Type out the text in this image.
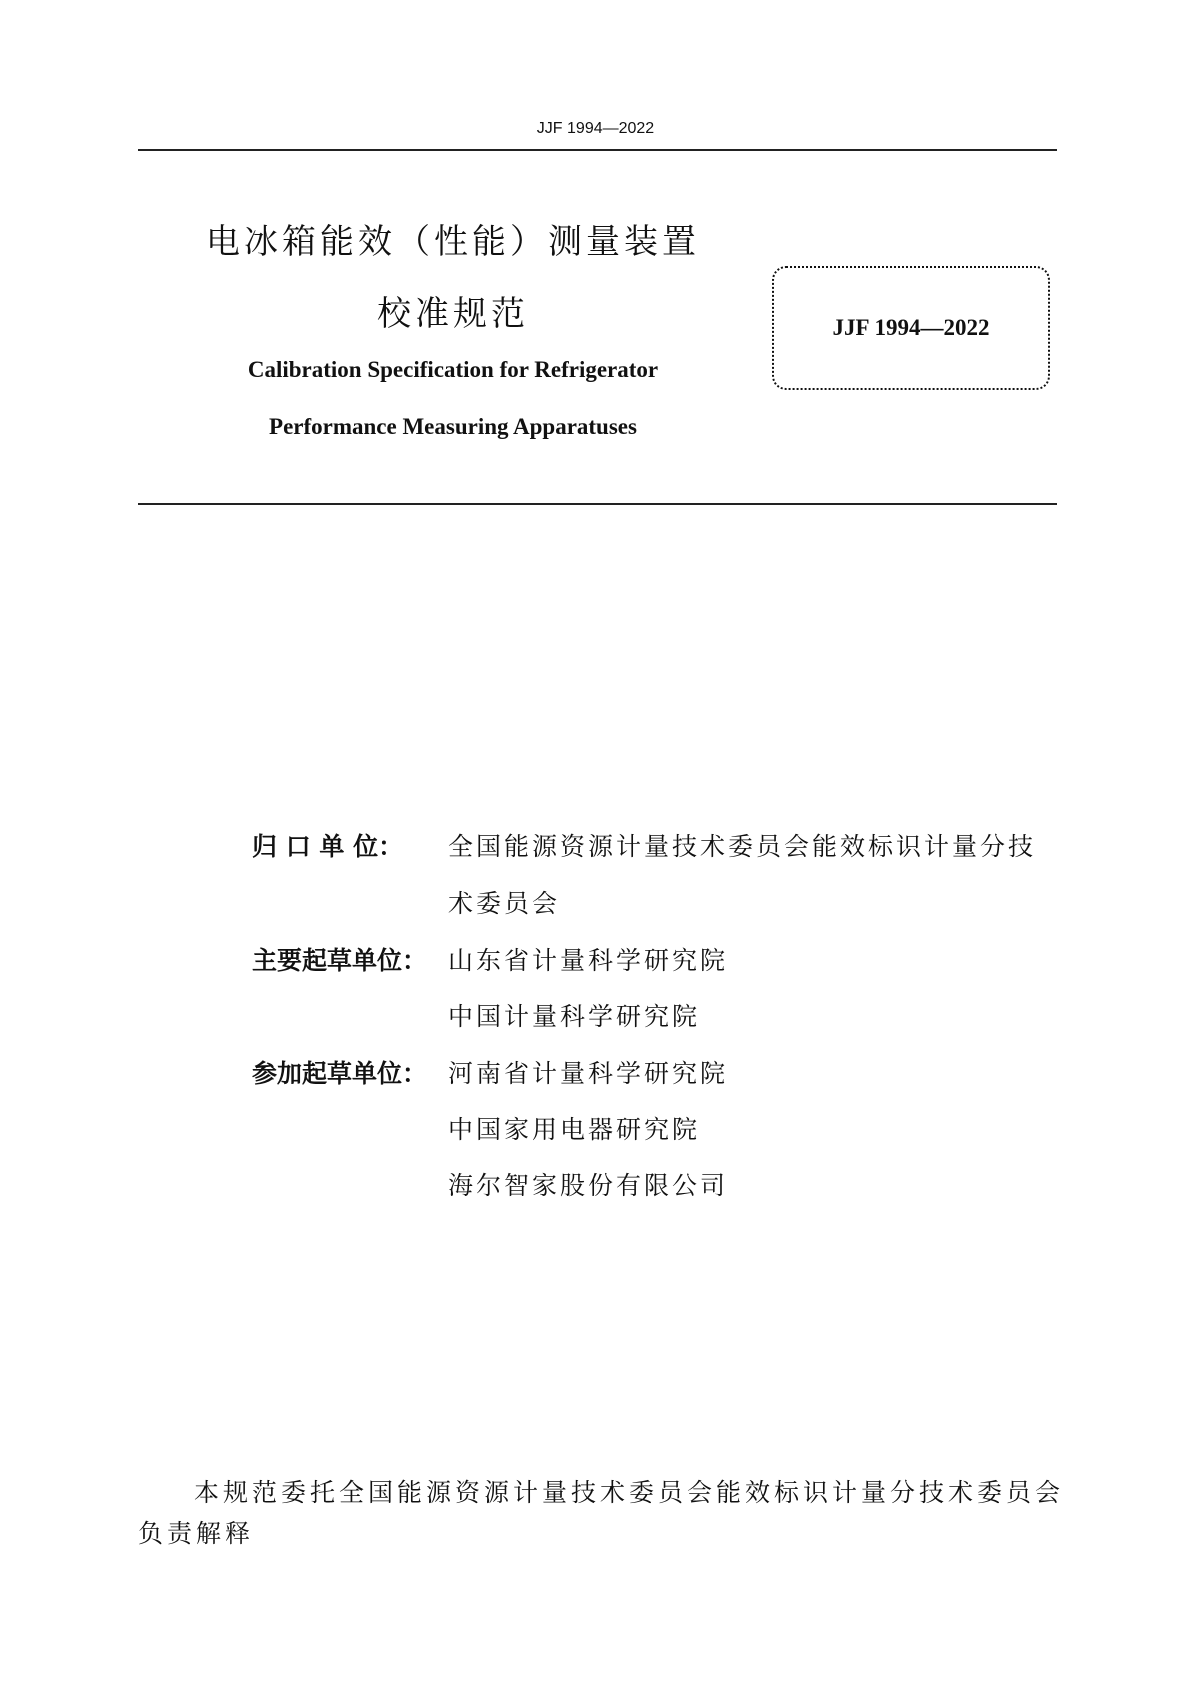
JJF 1994—2022
电冰箱能效（性能）测量装置
校准规范
Calibration Specification for Refrigerator
Performance Measuring Apparatuses
JJF 1994—2022
归 口 单 位：	全国能源资源计量技术委员会能效标识计量分技
术委员会
主要起草单位： 山东省计量科学研究院
中国计量科学研究院
参加起草单位： 河南省计量科学研究院
中国家用电器研究院
海尔智家股份有限公司
本规范委托全国能源资源计量技术委员会能效标识计量分技术委员会
负责解释
